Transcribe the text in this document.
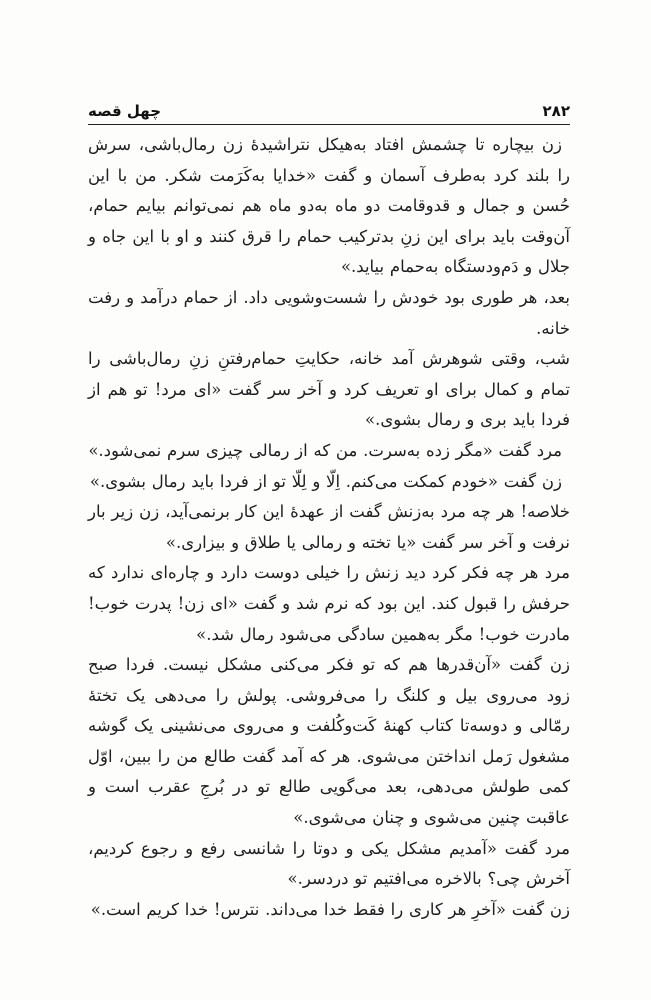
۲۸۲
چهل قصه

زن بیچاره تا چشمش افتاد به‌هیکل نتراشیدهٔ زن رمال‌باشی، سرش را بلند کرد به‌طرف آسمان و گفت «خدایا به‌کَرَمت شکر. من با این حُسن و جمال و قدوقامت دو ماه به‌دو ماه هم نمی‌توانم بیایم حمام، آن‌وقت باید برای این زنِ بدترکیب حمام را قرق کنند و او با این جاه و جلال و دَم‌ودستگاه به‌حمام بیاید.»

بعد، هر طوری بود خودش را شست‌وشویی داد. از حمام درآمد و رفت خانه.

شب، وقتی شوهرش آمد خانه، حکایتِ حمام‌رفتنِ زنِ رمال‌باشی را تمام و کمال برای او تعریف کرد و آخر سر گفت «ای مرد! تو هم از فردا باید بری و رمال بشوی.»

مرد گفت «مگر زده به‌سرت. من که از رمالی چیزی سرم نمی‌شود.»

زن گفت «خودم کمکت می‌کنم. اِلّا و لِلّا تو از فردا باید رمال بشوی.»

خلاصه! هر چه مرد به‌زنش گفت از عهدهٔ این کار برنمی‌آید، زن زیر بار نرفت و آخر سر گفت «یا تخته و رمالی یا طلاق و بیزاری.»

مرد هر چه فکر کرد دید زنش را خیلی دوست دارد و چاره‌ای ندارد که حرفش را قبول کند. این بود که نرم شد و گفت «ای زن! پدرت خوب! مادرت خوب! مگر به‌همین سادگی می‌شود رمال شد.»

زن گفت «آن‌قدرها هم که تو فکر می‌کنی مشکل نیست. فردا صبح زود می‌روی بیل و کلنگ را می‌فروشی. پولش را می‌دهی یک تختهٔ رمّالی و دوسه‌تا کتاب کهنهٔ کَت‌وکُلفت و می‌روی می‌نشینی یک گوشه مشغول رَمل انداختن می‌شوی. هر که آمد گفت طالع من را ببین، اوّل کمی طولش می‌دهی، بعد می‌گویی طالع تو در بُرجِ عقرب است و عاقبت چنین می‌شوی و چنان می‌شوی.»

مرد گفت «آمدیم مشکل یکی و دوتا را شانسی رفع و رجوع کردیم، آخرش چی؟ بالاخره می‌افتیم تو دردسر.»

زن گفت «آخرِ هر کاری را فقط خدا می‌داند. نترس! خدا کریم است.»
